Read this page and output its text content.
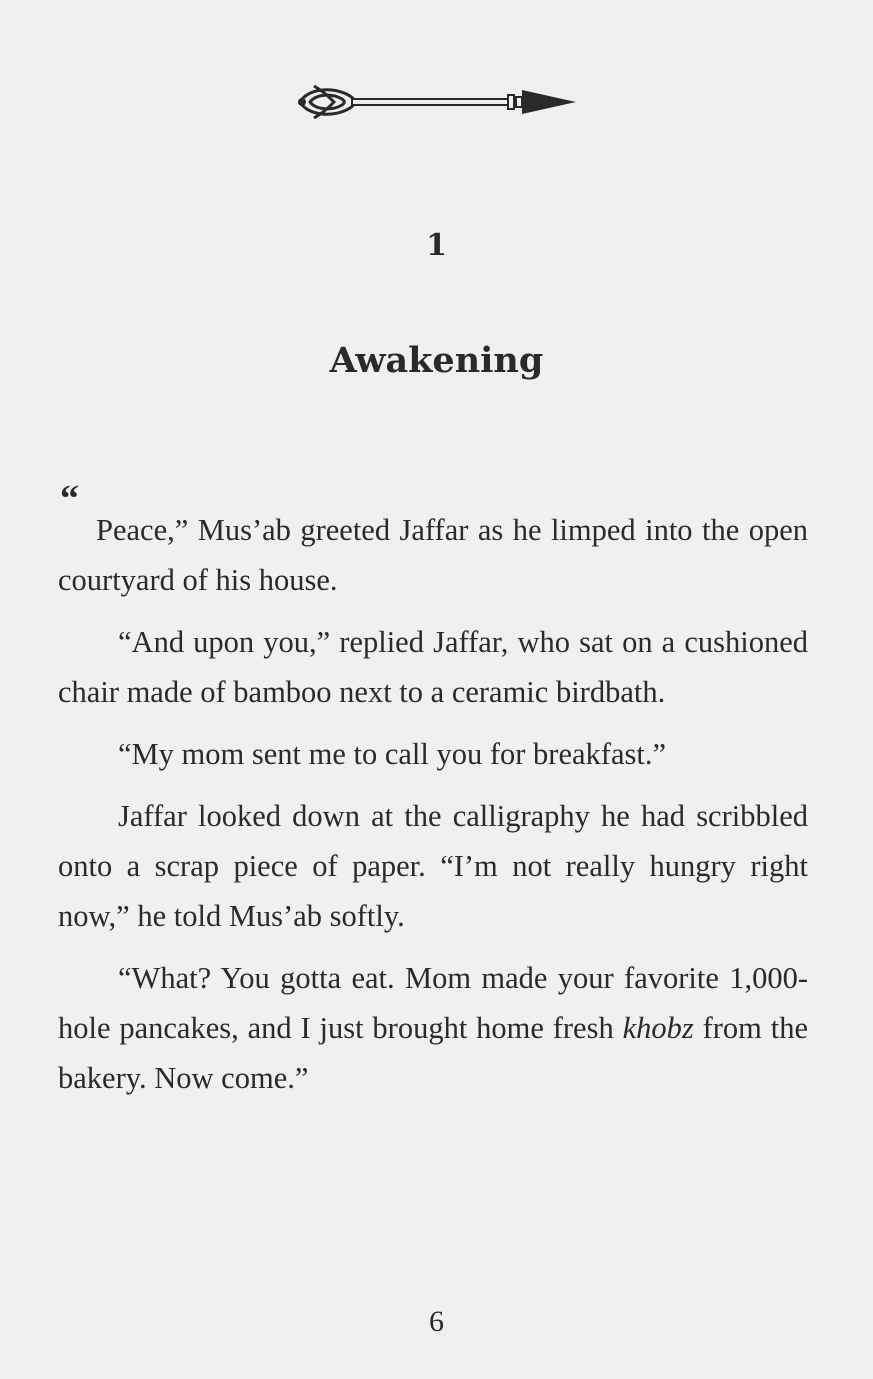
1
Awakening
“

Peace,” Mus’ab greeted Jaffar as he limped into the open courtyard of his house.

“And upon you,” replied Jaffar, who sat on a cushioned chair made of bamboo next to a ceramic birdbath.

“My mom sent me to call you for breakfast.”

Jaffar looked down at the calligraphy he had scribbled onto a scrap piece of paper. “I’m not really hungry right now,” he told Mus’ab softly.

“What? You gotta eat. Mom made your favorite 1,000-hole pancakes, and I just brought home fresh khobz from the bakery. Now come.”

6
